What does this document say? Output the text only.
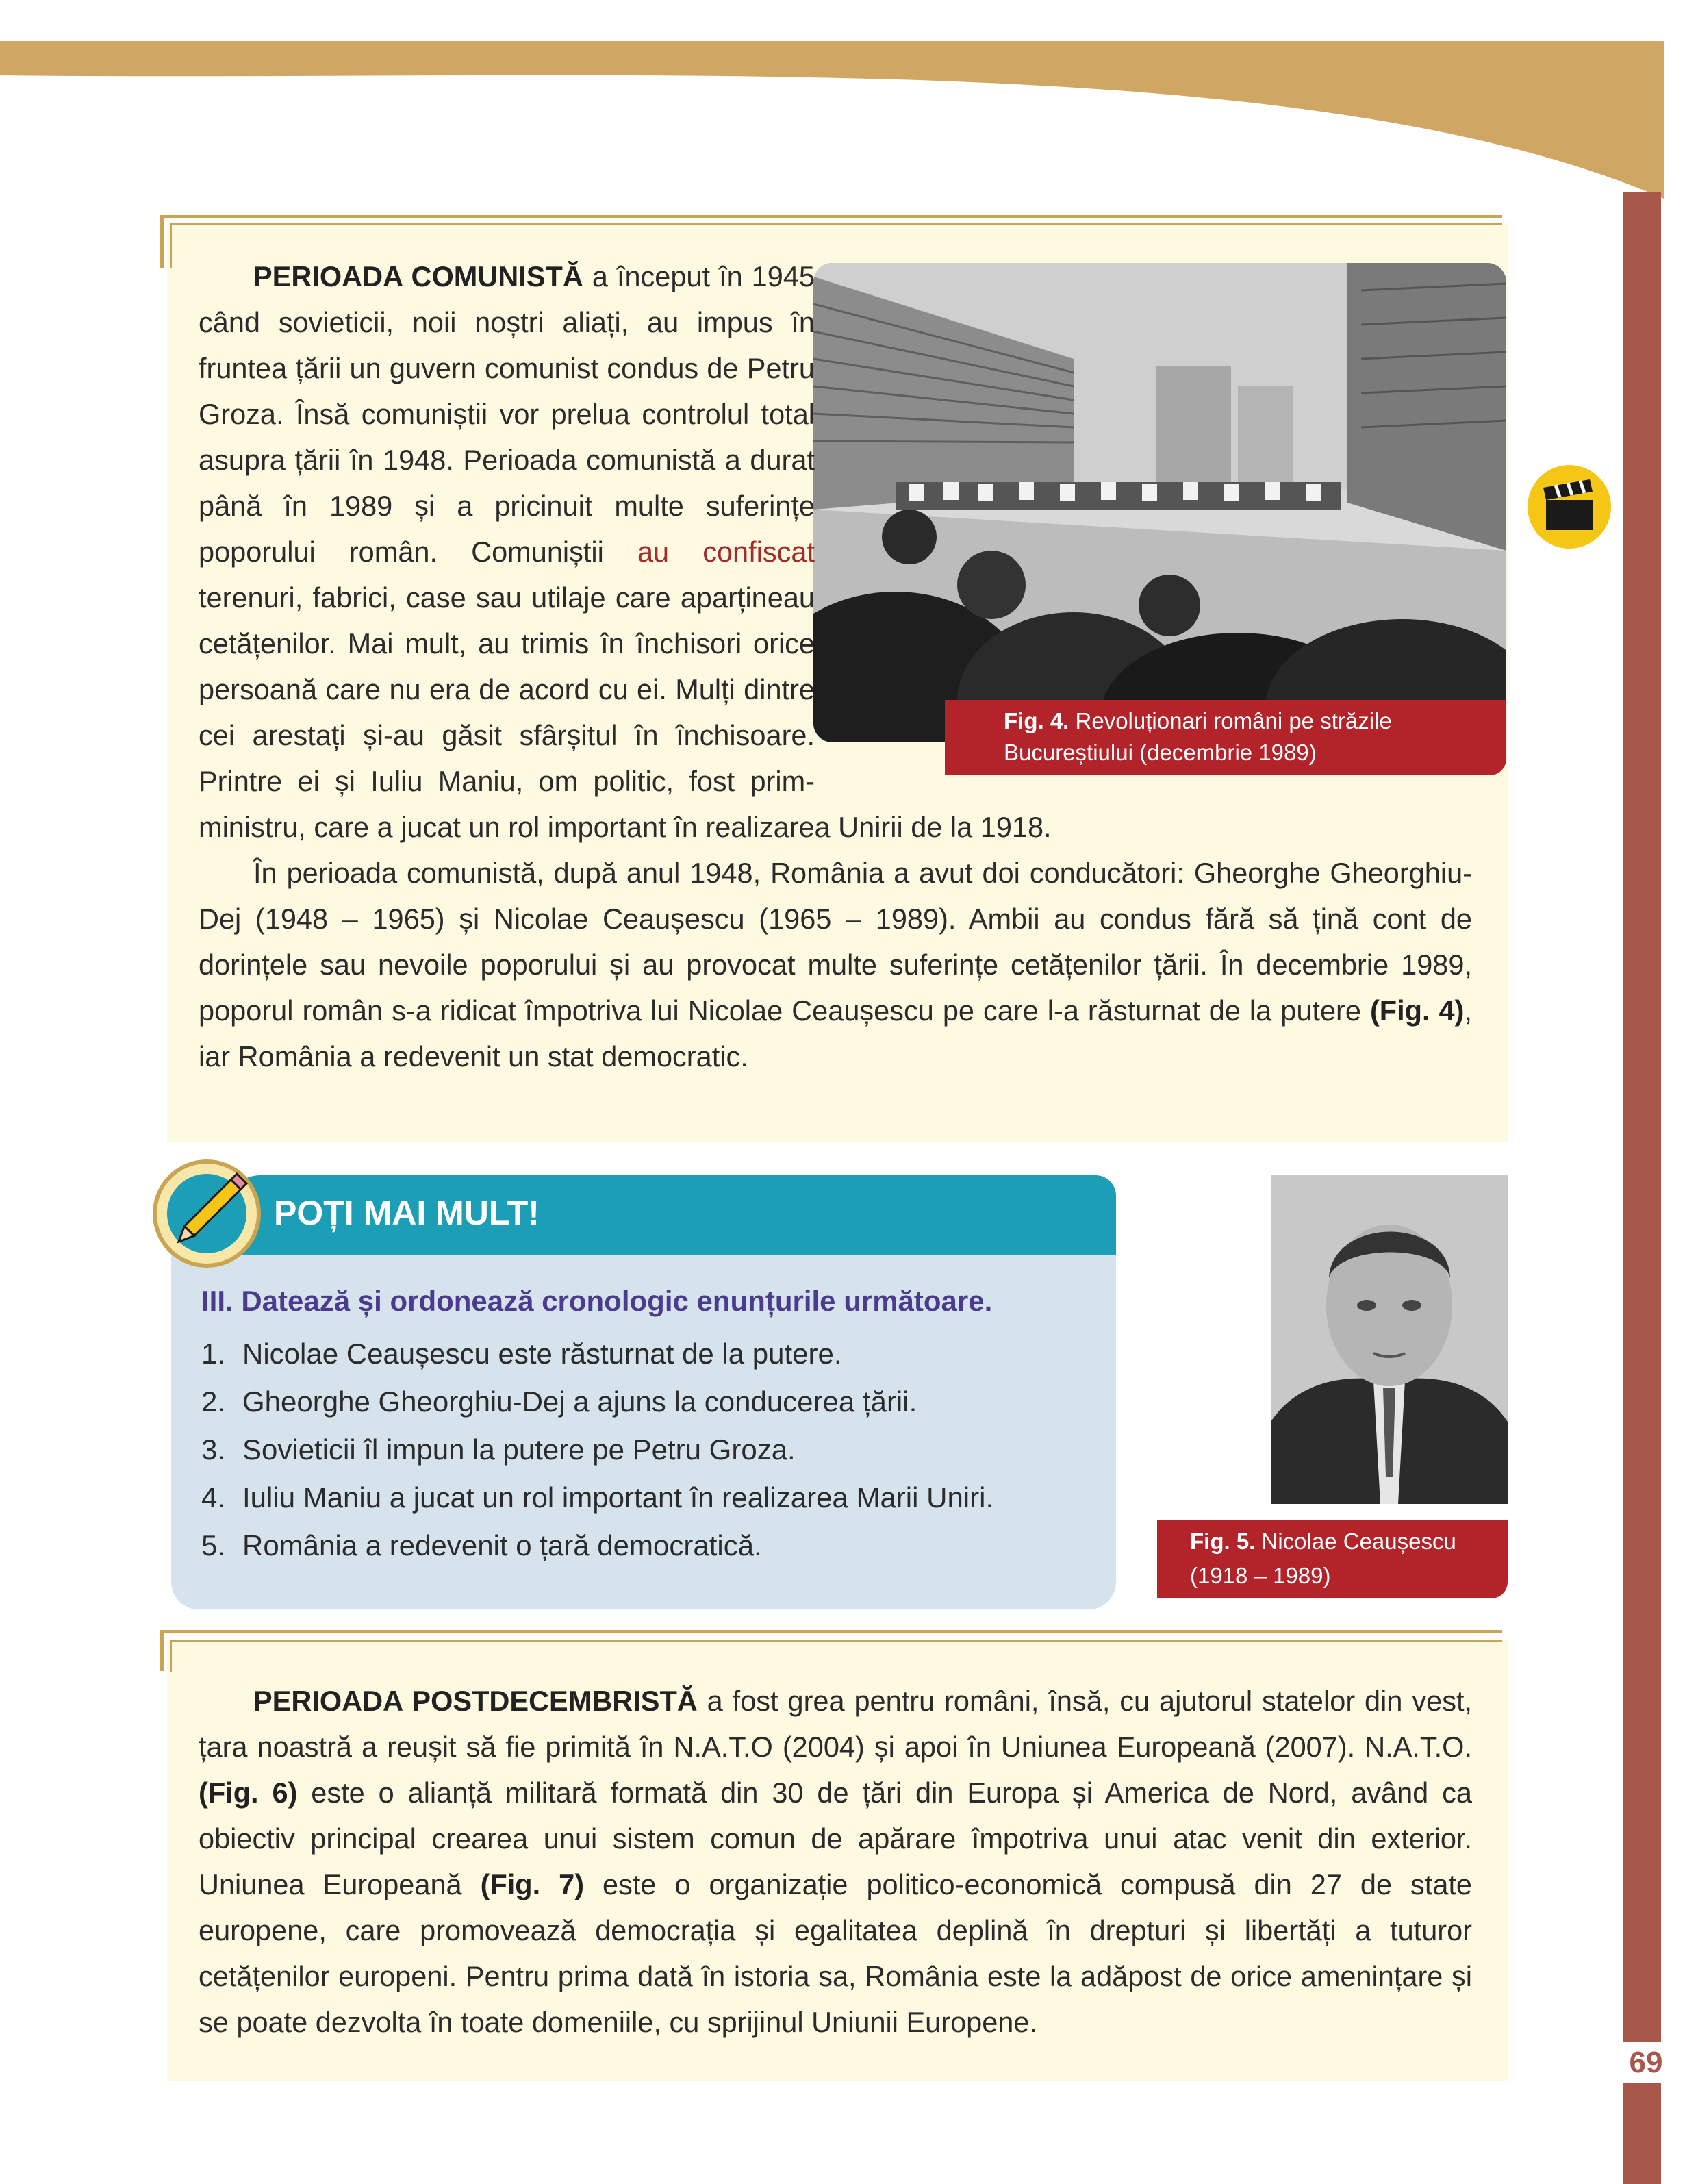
69
Fig. 4. Revoluționari români pe străzile
Bucureștiului (decembrie 1989)

PERIOADA COMUNISTĂ a început în 1945 când sovieticii, noii noștri aliați, au impus în fruntea țării un guvern comunist condus de Petru Groza. Însă comuniștii vor prelua controlul total asupra țării în 1948. Perioada comunistă a durat până în 1989 și a pricinuit multe suferințe poporului român. Comuniștii au confiscat terenuri, fabrici, case sau utilaje care aparțineau cetățenilor. Mai mult, au trimis în închisori orice persoană care nu era de acord cu ei. Mulți dintre cei arestați și-au găsit sfârșitul în închisoare. Printre ei și Iuliu Maniu, om politic, fost prim-ministru, care a jucat un rol important în realizarea Unirii de la 1918.

În perioada comunistă, după anul 1948, România a avut doi conducători: Gheorghe Gheorghiu-Dej (1948 – 1965) și Nicolae Ceaușescu (1965 – 1989). Ambii au condus fără să țină cont de dorințele sau nevoile poporului și au provocat multe suferințe cetățenilor țării. În decembrie 1989, poporul român s-a ridicat împotriva lui Nicolae Ceaușescu pe care l-a răsturnat de la putere (Fig. 4), iar România a redevenit un stat democratic.

POȚI MAI MULT!
III. Datează și ordonează cronologic enunțurile următoare.
1. Nicolae Ceaușescu este răsturnat de la putere.
2. Gheorghe Gheorghiu-Dej a ajuns la conducerea țării.
3. Sovieticii îl impun la putere pe Petru Groza.
4. Iuliu Maniu a jucat un rol important în realizarea Marii Uniri.
5. România a redevenit o țară democratică.	Fig. 5. Nicolae Ceaușescu
(1918 – 1989)

PERIOADA POSTDECEMBRISTĂ a fost grea pentru români, însă, cu ajutorul statelor din vest, țara noastră a reușit să fie primită în N.A.T.O (2004) și apoi în Uniunea Europeană (2007). N.A.T.O. (Fig. 6) este o alianță militară formată din 30 de țări din Europa și America de Nord, având ca obiectiv principal crearea unui sistem comun de apărare împotriva unui atac venit din exterior. Uniunea Europeană (Fig. 7) este o organizație politico-economică compusă din 27 de state europene, care promovează democrația și egalitatea deplină în drepturi și libertăți a tuturor cetățenilor europeni. Pentru prima dată în istoria sa, România este la adăpost de orice amenințare și se poate dezvolta în toate domeniile, cu sprijinul Uniunii Europene.
